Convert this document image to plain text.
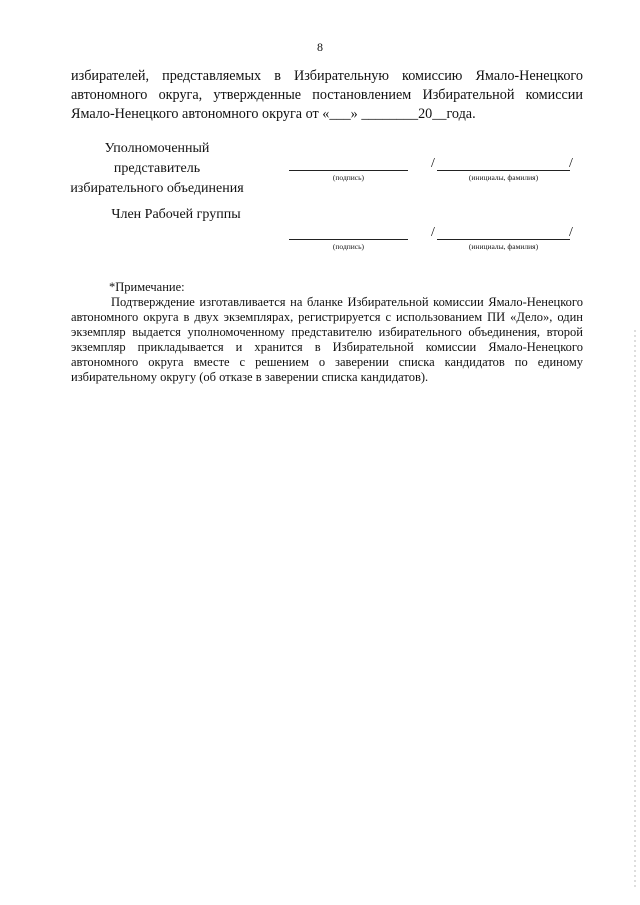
8
избирателей, представляемых в Избирательную комиссию Ямало-Ненецкого автономного округа, утвержденные постановлением Избирательной комиссии Ямало-Ненецкого автономного округа от «___» ________20__года.
Уполномоченный
представитель
избирательного объединения
(подпись)
/	/
(инициалы, фамилия)
Член Рабочей группы
(подпись)
/	/
(инициалы, фамилия)
*Примечание:
Подтверждение изготавливается на бланке Избирательной комиссии Ямало-Ненецкого автономного округа в двух экземплярах, регистрируется с использованием ПИ «Дело», один экземпляр выдается уполномоченному представителю избирательного объединения, второй экземпляр прикладывается и хранится в Избирательной комиссии Ямало-Ненецкого автономного округа вместе с решением о заверении списка кандидатов по единому избирательному округу (об отказе в заверении списка кандидатов).
